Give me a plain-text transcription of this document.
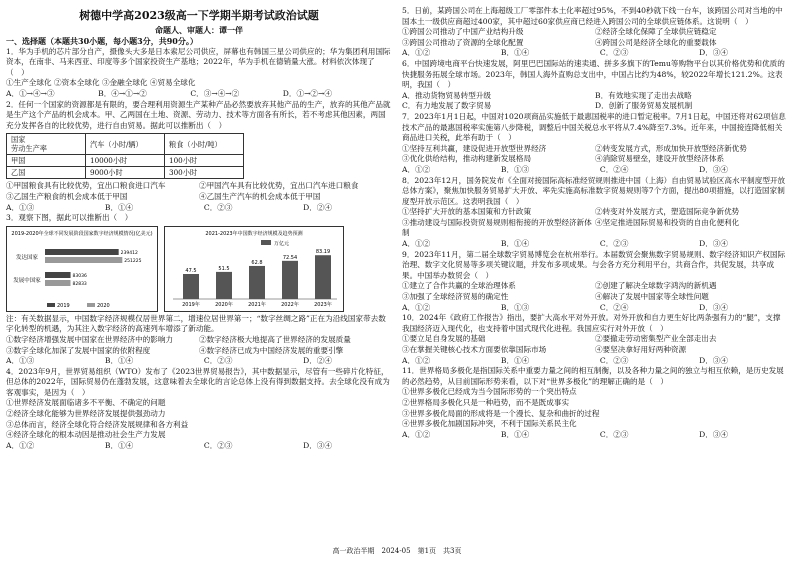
树德中学高2023级高一下学期半期考试政治试题
命题人、审题人：谭一伴

一、选择题（本题共30小题，每小题3分，共90分。）

1．华为手机的芯片部分自产，摄像头大多是日本索尼公司供应，屏幕也有韩国三星公司供应的；华为集团利用国际资本，在南非、马来西亚、印度等多个国家投资生产基地；2022年，华为手机在德销量大涨。材料依次体现了（　）

①生产全球化 ②资本全球化 ③金融全球化 ④贸易全球化

A．①→④→③	B．④→①→②	C．③→④→②	D．①→②→④

2．任何一个国家的资源都是有限的，要合理利用资源生产某种产品必然要放弃其他产品的生产，放弃的其他产品就是生产这个产品的机会成本。甲、乙两国在土地、资源、劳动力、技术等方面各有所长，若不考虑其他因素，两国充分发挥各自的比较优势，进行自由贸易。据此可以推断出（　）

国家
劳动生产率	汽车（小时/辆）	粮食（小时/吨）
甲国	10000小时	100小时
乙国	9000小时	300小时
①甲国粮食具有比较优势，宜出口粮食进口汽车	②甲国汽车具有比较优势，宜出口汽车进口粮食
③乙国生产粮食的机会成本低于甲国	④乙国生产汽车的机会成本低于甲国
A．①③	B．①④	C．②③	D．②④

3．观察下图，据此可以推断出（　）

2019-2020年全球不同发展阶段国家数字经济规模情况(亿美元)
发达国家
发展中国家
2019	2020
239412
251225
83036
82833
2021-2023年中国数字经济规模及趋势预测
万亿元
47.5
2019年
51.5
2020年
62.8
2021年
72.54
2022年
83.19
2023年

注：有关数据显示，中国数字经济规模仅居世界第二，增速位居世界第一；“数字丝绸之路”正在为沿线国家带去数字化转型的机遇，为其注入数字经济的高速列车增添了新动能。

①数字经济增强发展中国家在世界经济中的影响力	②数字经济极大地提高了世界经济的发展质量
③数字全球化加深了发展中国家的依附程度	④数字经济已成为中国经济发展的重要引擎
A．①③	B．①④	C．②③	D．②④

4．2023年9月，世界贸易组织（WTO）发布了《2023世界贸易报告》，其中数据显示，尽管有一些碎片化特征，但总体的2022年，国际贸易仍在蓬勃发展，这意味着去全球化的言论总体上没有得到数据支持。去全球化没有成为客观事实，是因为（　）

①世界经济发展面临诸多不平衡、不确定的问题

②经济全球化能够为世界经济发展提供强劲动力

③总体而言，经济全球化符合经济发展规律和各方利益

④经济全球化的根本动因是推动社会生产力发展

A．①②	B．①④	C．②③	D．③④

5．日前，某跨国公司在上海超级工厂零部件本土化率超过95%，不到40秒就下线一台车，该跨国公司对当地的中国本土一级供应商超过400家，其中超过60家供应商已经进入跨国公司的全球供应链体系。这说明（　）

①跨国公司推动了中国产业结构升级	②经济全球化保障了全球供应链稳定
③跨国公司推动了资源的全球化配置	④跨国公司是经济全球化的重要载体
A．①②	B．①④	C．②③	D．③④

6．中国跨境电商平台快速发展，阿里巴巴国际站的速卖通、拼多多旗下的Temu等购物平台以其价格优势和优质的快捷服务拓展全球市场。2023年，韩国人海外直购总支出中，中国占比约为48%，较2022年增长121.2%。这表明，我国（　）

A．推动货物贸易转型升级	B．有效地实现了走出去战略
C．有力地发展了数字贸易	D．创新了服务贸易发展机制

7．2023年1月1日起，中国对1020项商品实施低于最惠国税率的进口暂定税率。7月1日起，中国还将对62项信息技术产品的最惠国税率实施第八步降税，调整后中国关税总水平将从7.4%降至7.3%。近年来，中国接连降低相关商品进口关税，此举有助于（　）

①坚持互利共赢，建设促进开放型世界经济	②转变发展方式，形成加快开放型经济新优势
③优化供给结构，推动构建新发展格局	④消除贸易壁垒，建设开放型经济体系
A．①②	B．①③	C．②④	D．③④

8．2023年12月，国务院发布《全面对接国际高标准经贸规则推进中国（上海）自由贸易试验区高水平制度型开放总体方案》，聚焦加快服务贸易扩大开放、率先实施高标准数字贸易规则等7个方面，提出80项措施，以打造国家制度型开放示范区。这表明我国（　）

①坚持扩大开放的基本国策和方针政策	②转变对外发展方式，塑造国际竞争新优势
③推动建设与国际投资贸易规则相衔接的开放型经济新体制
④坚定推进国际贸易和投资的自由化便利化
A．①②	B．①④	C．②③	D．③④

9．2023年11月，第二届全球数字贸易博览会在杭州举行。本届数贸会聚焦数字贸易规则、数字经济知识产权国际治理、数字文化贸易等多项关键议题，并发布多项成果。与会各方充分利用平台，共商合作，共促发展，共享成果。中国举办数贸会（　）

①建立了合作共赢的全球治理体系	②创建了解决全球数字鸿沟的新机遇
③加强了全球经济贸易的确定性	④解决了发展中国家等全球性问题
A．①②	B．①③	C．②④	D．③④

10．2024年《政府工作报告》指出，要扩大高水平对外开放。对外开放和自力更生好比两条强有力的“腿”，支撑我国经济迈入现代化，也支持着中国式现代化进程。我国应实行对外开放（　）

①要立足自身发展的基础	②要撤走劳动密集型产业全部走出去
③在掌握关键核心技术方面要依靠国际市场	④要坚决拿好用好两种资源
A．①②	B．①④	C．②③	D．③④

11．世界格局多极化是指国际关系中重要力量之间的相互制衡，以及各种力量之间的独立与相互依赖，是历史发展的必然趋势，从目前国际形势来看，以下对“世界多极化”的理解正确的是（　）

①世界多极化已经成为当今国际形势的一个突出特点

②世界格局多极化只是一种趋势，而不是既成事实

③世界多极化局面的形成将是一个漫长、复杂和曲折的过程

④世界多极化加剧国际冲突，不利于国际关系民主化

A．①②	B．①④	C．②③	D．③④
高一政治半期　2024-05　第1页　共3页
